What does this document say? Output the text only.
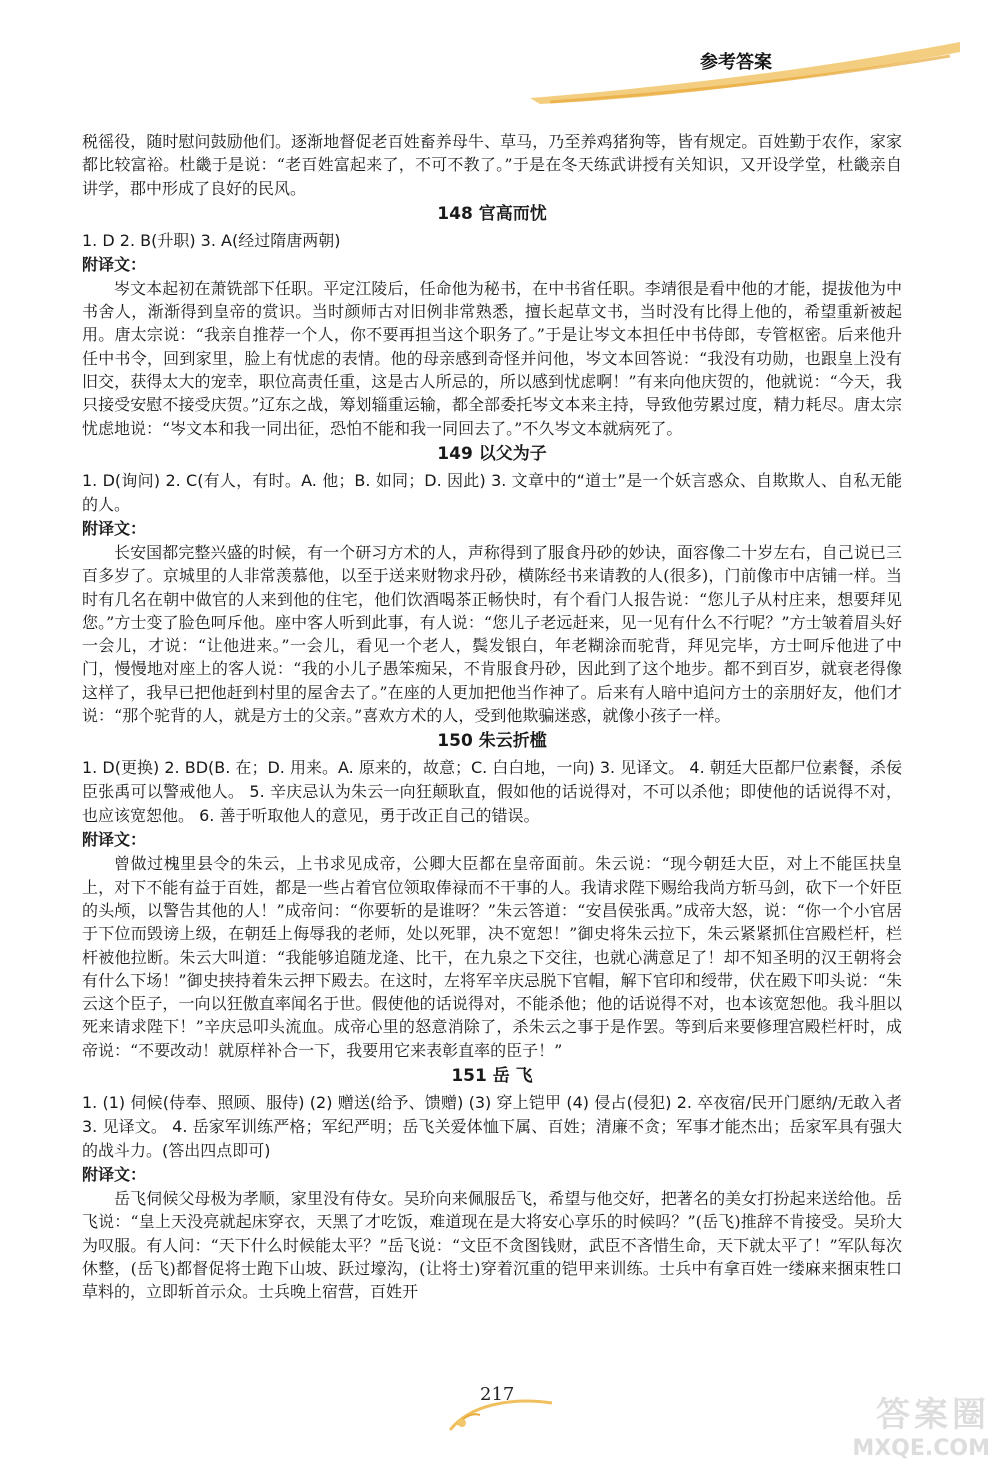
参考答案

税徭役，随时慰问鼓励他们。逐渐地督促老百姓畜养母牛、草马，乃至养鸡猪狗等，皆有规定。百姓勤于农作，家家都比较富裕。杜畿于是说：“老百姓富起来了，不可不教了。”于是在冬天练武讲授有关知识，又开设学堂，杜畿亲自讲学，郡中形成了良好的民风。

148 官高而忧

1. D 2. B(升职) 3. A(经过隋唐两朝)

附译文：

岑文本起初在萧铣部下任职。平定江陵后，任命他为秘书，在中书省任职。李靖很是看中他的才能，提拔他为中书舍人，渐渐得到皇帝的赏识。当时颜师古对旧例非常熟悉，擅长起草文书，当时没有比得上他的，希望重新被起用。唐太宗说：“我亲自推荐一个人，你不要再担当这个职务了。”于是让岑文本担任中书侍郎，专管枢密。后来他升任中书令，回到家里，脸上有忧虑的表情。他的母亲感到奇怪并问他，岑文本回答说：“我没有功勋，也跟皇上没有旧交，获得太大的宠幸，职位高责任重，这是古人所忌的，所以感到忧虑啊！”有来向他庆贺的，他就说：“今天，我只接受安慰不接受庆贺。”辽东之战，筹划辎重运输，都全部委托岑文本来主持，导致他劳累过度，精力耗尽。唐太宗忧虑地说：“岑文本和我一同出征，恐怕不能和我一同回去了。”不久岑文本就病死了。

149 以父为子

1. D(询问) 2. C(有人，有时。A. 他；B. 如同；D. 因此) 3. 文章中的“道士”是一个妖言惑众、自欺欺人、自私无能的人。

附译文：

长安国都完整兴盛的时候，有一个研习方术的人，声称得到了服食丹砂的妙诀，面容像二十岁左右，自己说已三百多岁了。京城里的人非常羡慕他，以至于送来财物求丹砂，横陈经书来请教的人(很多)，门前像市中店铺一样。当时有几名在朝中做官的人来到他的住宅，他们饮酒喝茶正畅快时，有个看门人报告说：“您儿子从村庄来，想要拜见您。”方士变了脸色呵斥他。座中客人听到此事，有人说：“您儿子老远赶来，见一见有什么不行呢？”方士皱着眉头好一会儿，才说：“让他进来。”一会儿，看见一个老人，鬓发银白，年老糊涂而驼背，拜见完毕，方士呵斥他进了中门，慢慢地对座上的客人说：“我的小儿子愚笨痴呆，不肯服食丹砂，因此到了这个地步。都不到百岁，就衰老得像这样了，我早已把他赶到村里的屋舍去了。”在座的人更加把他当作神了。后来有人暗中追问方士的亲朋好友，他们才说：“那个驼背的人，就是方士的父亲。”喜欢方术的人，受到他欺骗迷惑，就像小孩子一样。

150 朱云折槛

1. D(更换) 2. BD(B. 在；D. 用来。A. 原来的，故意；C. 白白地，一向) 3. 见译文。 4. 朝廷大臣都尸位素餐，杀佞臣张禹可以警戒他人。 5. 辛庆忌认为朱云一向狂颠耿直，假如他的话说得对，不可以杀他；即使他的话说得不对，也应该宽恕他。 6. 善于听取他人的意见，勇于改正自己的错误。

附译文：

曾做过槐里县令的朱云，上书求见成帝，公卿大臣都在皇帝面前。朱云说：“现今朝廷大臣，对上不能匡扶皇上，对下不能有益于百姓，都是一些占着官位领取俸禄而不干事的人。我请求陛下赐给我尚方斩马剑，砍下一个奸臣的头颅，以警告其他的人！”成帝问：“你要斩的是谁呀？”朱云答道：“安昌侯张禹。”成帝大怒，说：“你一个小官居于下位而毁谤上级，在朝廷上侮辱我的老师，处以死罪，决不宽恕！”御史将朱云拉下，朱云紧紧抓住宫殿栏杆，栏杆被他拉断。朱云大叫道：“我能够追随龙逄、比干，在九泉之下交往，也就心满意足了！却不知圣明的汉王朝将会有什么下场！”御史挟持着朱云押下殿去。在这时，左将军辛庆忌脱下官帽，解下官印和绶带，伏在殿下叩头说：“朱云这个臣子，一向以狂傲直率闻名于世。假使他的话说得对，不能杀他；他的话说得不对，也本该宽恕他。我斗胆以死来请求陛下！”辛庆忌叩头流血。成帝心里的怒意消除了，杀朱云之事于是作罢。等到后来要修理宫殿栏杆时，成帝说：“不要改动！就原样补合一下，我要用它来表彰直率的臣子！”

151 岳 飞

1. (1) 伺候(侍奉、照顾、服侍) (2) 赠送(给予、馈赠) (3) 穿上铠甲 (4) 侵占(侵犯) 2. 卒夜宿/民开门愿纳/无敢入者 3. 见译文。 4. 岳家军训练严格；军纪严明；岳飞关爱体恤下属、百姓；清廉不贪；军事才能杰出；岳家军具有强大的战斗力。(答出四点即可)

附译文：

岳飞伺候父母极为孝顺，家里没有侍女。吴玠向来佩服岳飞，希望与他交好，把著名的美女打扮起来送给他。岳飞说：“皇上天没亮就起床穿衣，天黑了才吃饭，难道现在是大将安心享乐的时候吗？”(岳飞)推辞不肯接受。吴玠大为叹服。有人问：“天下什么时候能太平？”岳飞说：“文臣不贪图钱财，武臣不吝惜生命，天下就太平了！”军队每次休整，(岳飞)都督促将士跑下山坡、跃过壕沟，(让将士)穿着沉重的铠甲来训练。士兵中有拿百姓一缕麻来捆束牲口草料的，立即斩首示众。士兵晚上宿营，百姓开

217
答案圈
MXQE.COM
